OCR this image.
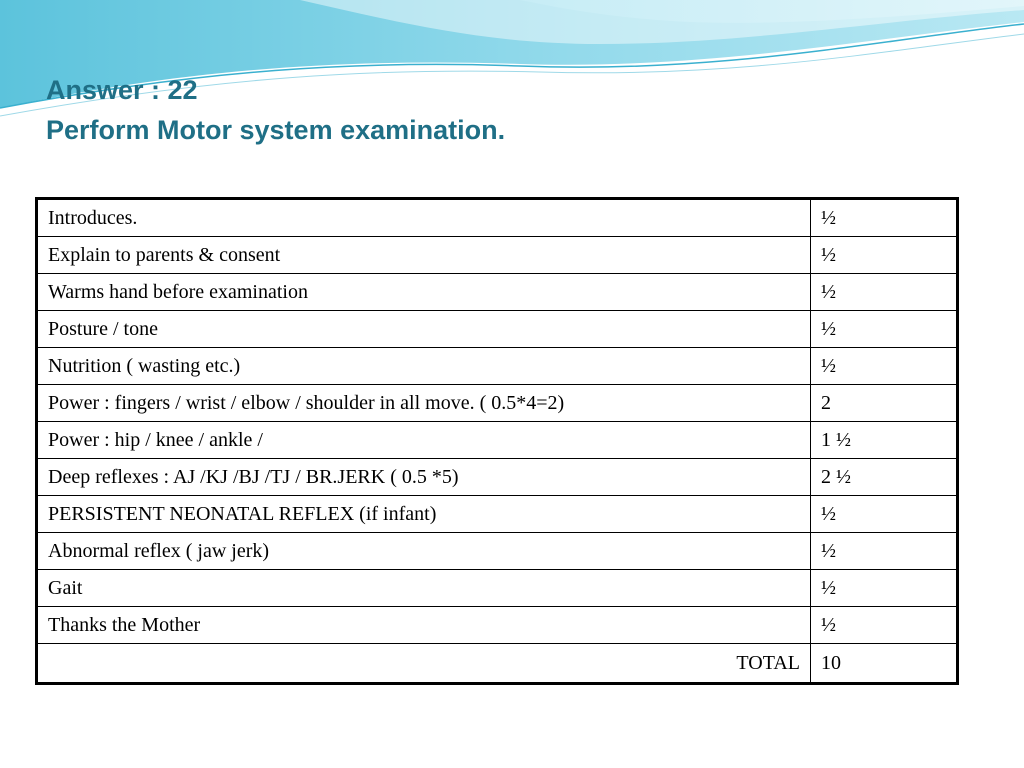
Answer : 22
Perform Motor system examination.
Introduces.	½
Explain to parents & consent	½
Warms hand before examination	½
Posture / tone	½
Nutrition ( wasting etc.)	½
Power : fingers / wrist / elbow / shoulder in all move. ( 0.5*4=2)	2
Power : hip / knee / ankle /	1 ½
Deep reflexes : AJ /KJ /BJ /TJ / BR.JERK ( 0.5 *5)	2 ½
PERSISTENT NEONATAL REFLEX (if infant)	½
Abnormal reflex ( jaw jerk)	½
Gait	½
Thanks the Mother	½
TOTAL	10
